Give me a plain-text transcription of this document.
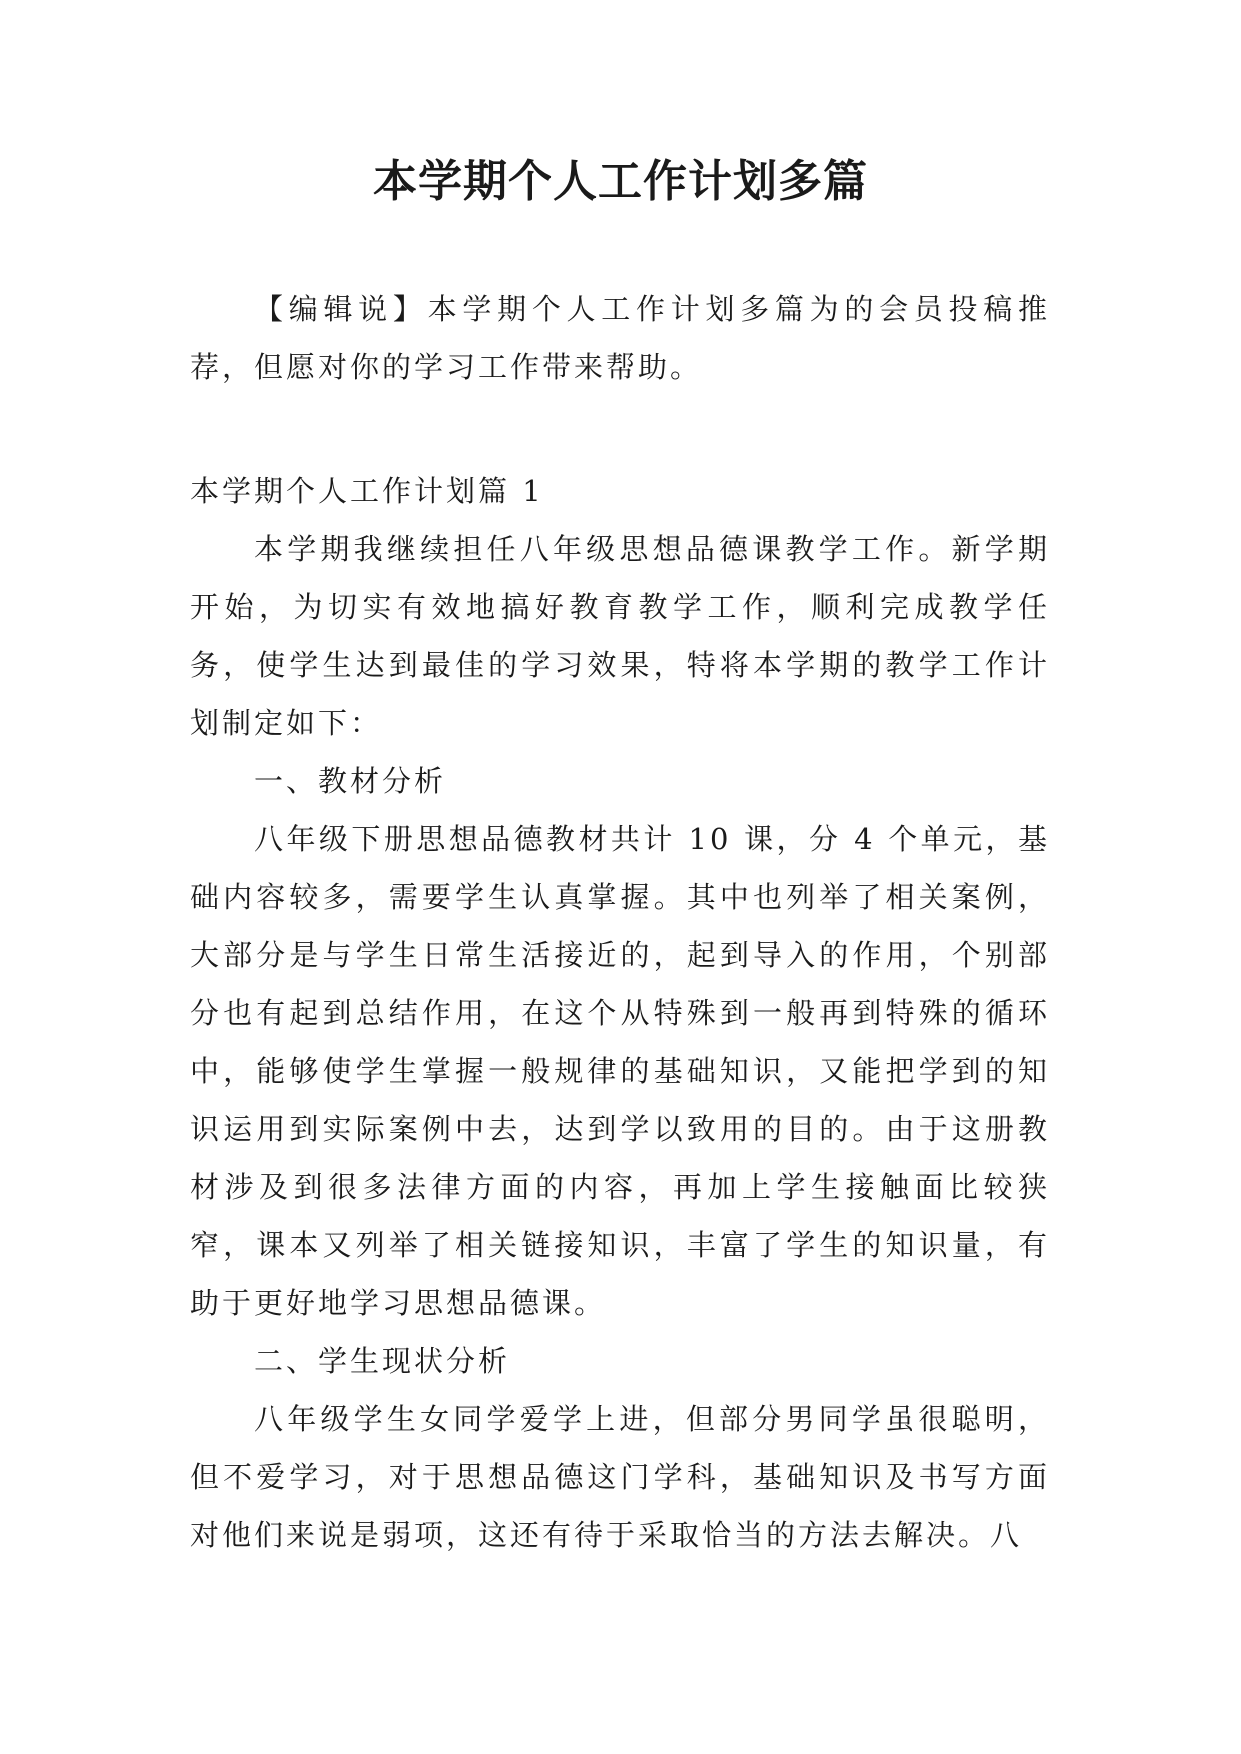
本学期个人工作计划多篇

【编辑说】本学期个人工作计划多篇为的会员投稿推荐，但愿对你的学习工作带来帮助。

本学期个人工作计划篇 1

本学期我继续担任八年级思想品德课教学工作。新学期开始，为切实有效地搞好教育教学工作，顺利完成教学任务，使学生达到最佳的学习效果，特将本学期的教学工作计划制定如下：

一、教材分析

八年级下册思想品德教材共计 10 课，分 4 个单元，基础内容较多，需要学生认真掌握。其中也列举了相关案例，大部分是与学生日常生活接近的，起到导入的作用，个别部分也有起到总结作用，在这个从特殊到一般再到特殊的循环中，能够使学生掌握一般规律的基础知识，又能把学到的知识运用到实际案例中去，达到学以致用的目的。由于这册教材涉及到很多法律方面的内容，再加上学生接触面比较狭窄，课本又列举了相关链接知识，丰富了学生的知识量，有助于更好地学习思想品德课。

二、学生现状分析

八年级学生女同学爱学上进，但部分男同学虽很聪明，但不爱学习，对于思想品德这门学科，基础知识及书写方面对他们来说是弱项，这还有待于采取恰当的方法去解决。八
